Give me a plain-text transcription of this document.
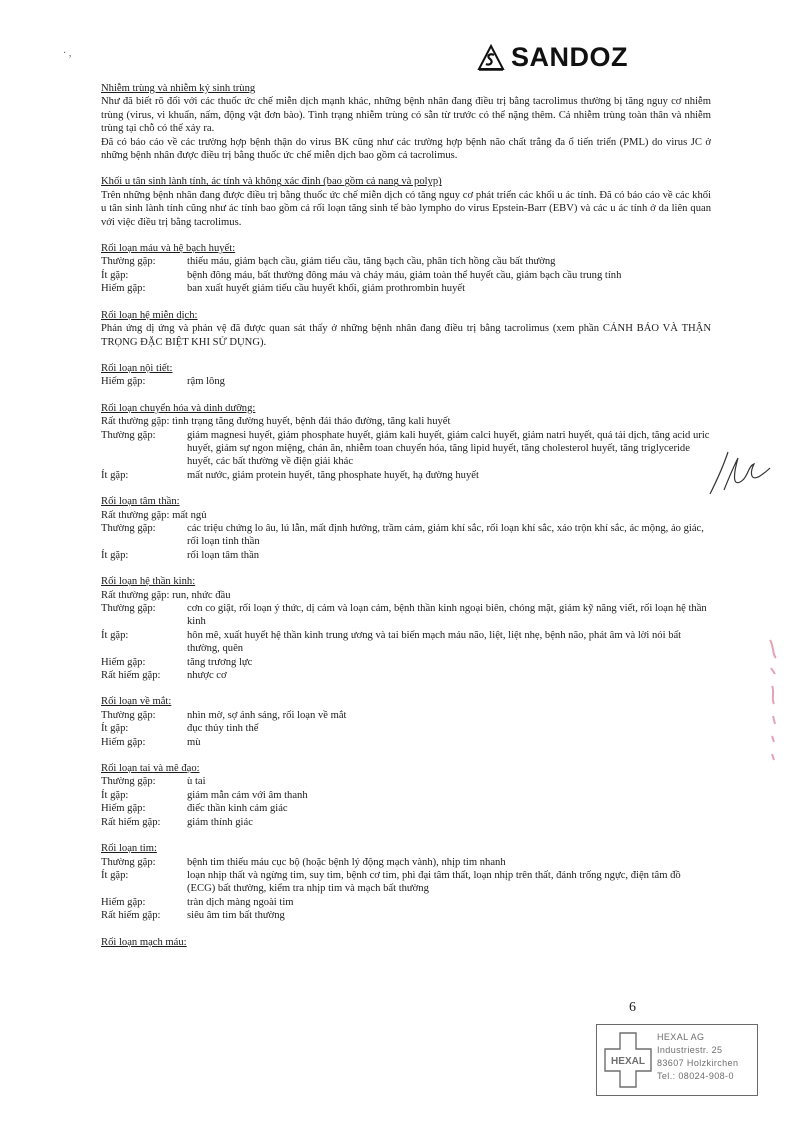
· ,	SANDOZ
Nhiễm trùng và nhiễm ký sinh trùng
Như đã biết rõ đối với các thuốc ức chế miễn dịch mạnh khác, những bệnh nhân đang điều trị bằng tacrolimus thường bị tăng nguy cơ nhiễm trùng (virus, vi khuẩn, nấm, động vật đơn bào). Tình trạng nhiễm trùng có sẵn từ trước có thể nặng thêm. Cả nhiễm trùng toàn thân và nhiễm trùng tại chỗ có thể xảy ra.
Đã có báo cáo về các trường hợp bệnh thận do virus BK cũng như các trường hợp bệnh não chất trắng đa ổ tiến triển (PML) do virus JC ở những bệnh nhân được điều trị bằng thuốc ức chế miễn dịch bao gồm cả tacrolimus.
Khối u tân sinh lành tính, ác tính và không xác định (bao gồm cả nang và polyp)
Trên những bệnh nhân đang được điều trị bằng thuốc ức chế miễn dịch có tăng nguy cơ phát triển các khối u ác tính. Đã có báo cáo về các khối u tân sinh lành tính cũng như ác tính bao gồm cả rối loạn tăng sinh tế bào lympho do virus Epstein-Barr (EBV) và các u ác tính ở da liên quan với việc điều trị bằng tacrolimus.
Rối loạn máu và hệ bạch huyết:
Thường gặp:	thiếu máu, giảm bạch cầu, giảm tiểu cầu, tăng bạch cầu, phân tích hồng cầu bất thường
Ít gặp:	bệnh đông máu, bất thường đông máu và chảy máu, giảm toàn thể huyết cầu, giảm bạch cầu trung tính
Hiếm gặp:	ban xuất huyết giảm tiểu cầu huyết khối, giảm prothrombin huyết
Rối loạn hệ miễn dịch:
Phản ứng dị ứng và phản vệ đã được quan sát thấy ở những bệnh nhân đang điều trị bằng tacrolimus (xem phần CẢNH BÁO VÀ THẬN TRỌNG ĐẶC BIỆT KHI SỬ DỤNG).
Rối loạn nội tiết:
Hiếm gặp:	rậm lông
Rối loạn chuyển hóa và dinh dưỡng:
Rất thường gặp: tình trạng tăng đường huyết, bệnh đái tháo đường, tăng kali huyết
Thường gặp:	giảm magnesi huyết, giảm phosphate huyết, giảm kali huyết, giảm calci huyết, giảm natri huyết, quá tải dịch, tăng acid uric huyết, giảm sự ngon miệng, chán ăn, nhiễm toan chuyển hóa, tăng lipid huyết, tăng cholesterol huyết, tăng triglyceride huyết, các bất thường về điện giải khác
Ít gặp:	mất nước, giảm protein huyết, tăng phosphate huyết, hạ đường huyết
Rối loạn tâm thần:
Rất thường gặp: mất ngủ
Thường gặp:	các triệu chứng lo âu, lú lẫn, mất định hướng, trầm cảm, giảm khí sắc, rối loạn khí sắc, xáo trộn khí sắc, ác mộng, ảo giác, rối loạn tinh thần
Ít gặp:	rối loạn tâm thần
Rối loạn hệ thần kinh:
Rất thường gặp: run, nhức đầu
Thường gặp:	cơn co giật, rối loạn ý thức, dị cảm và loạn cảm, bệnh thần kinh ngoại biên, chóng mặt, giảm kỹ năng viết, rối loạn hệ thần kinh
Ít gặp:	hôn mê, xuất huyết hệ thần kinh trung ương và tai biến mạch máu não, liệt, liệt nhẹ, bệnh não, phát âm và lời nói bất thường, quên
Hiếm gặp:	tăng trương lực
Rất hiếm gặp:	nhược cơ
Rối loạn về mắt:
Thường gặp:	nhìn mờ, sợ ánh sáng, rối loạn về mắt
Ít gặp:	đục thủy tinh thể
Hiếm gặp:	mù
Rối loạn tai và mê đạo:
Thường gặp:	ù tai
Ít gặp:	giảm mẫn cảm với âm thanh
Hiếm gặp:	điếc thần kinh cảm giác
Rất hiếm gặp:	giảm thính giác
Rối loạn tim:
Thường gặp:	bệnh tim thiếu máu cục bộ (hoặc bệnh lý động mạch vành), nhịp tim nhanh
Ít gặp:	loạn nhịp thất và ngừng tim, suy tim, bệnh cơ tim, phì đại tâm thất, loạn nhịp trên thất, đánh trống ngực, điện tâm đồ (ECG) bất thường, kiểm tra nhịp tim và mạch bất thường
Hiếm gặp:	tràn dịch màng ngoài tim
Rất hiếm gặp:	siêu âm tim bất thường
Rối loạn mạch máu:
6
HEXAL
HEXAL AG
Industriestr. 25
83607 Holzkirchen
Tel.: 08024-908-0
